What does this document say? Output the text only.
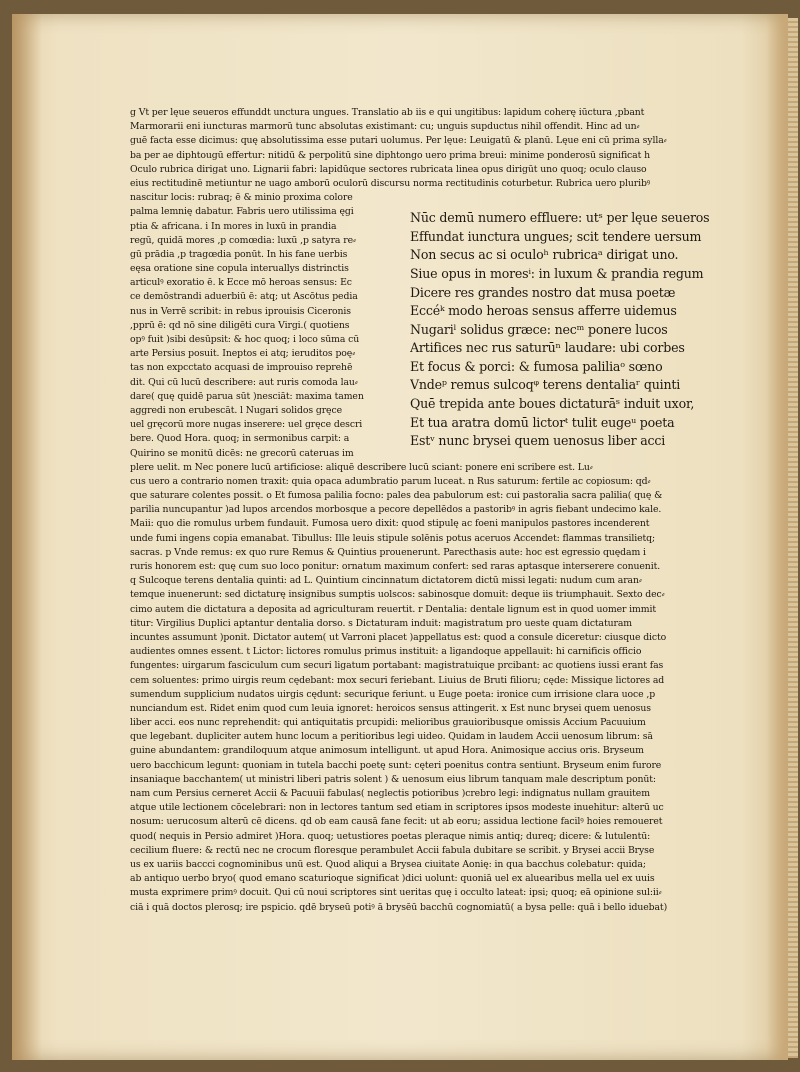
g Vt per lęue seueros effunddt unctura ungues. Translatio ab iis e qui ungitibus: lapidum coherę iūctura ,pbant
Marmorarii eni iuncturas marmorū tunc absolutas existimant: cu; unguis supductus nihil offendit. Hinc ad un⸗
guē facta esse dicimus: quę absolutissima esse putari uolumus. Per lęue: Leuigatū & planū. Lęue eni cū prima sylla⸗
ba per ae diphtougū effertur: nitidū & perpolitū sine diphtongo uero prima breui: minime ponderosū significat h
Oculo rubrica dirigat uno. Lignarii fabri: lapidūque sectores rubricata linea opus dirigūt uno quoq; oculo clauso
eius rectitudinē metiuntur ne uago amborū oculorū discursu norma rectitudinis coturbetur. Rubrica uero pluribꝰ
nascitur locis: rubraq; ē & minio proxima colore
palma lemnię dabatur. Fabris uero utilissima ęgi
ptia & africana. i In mores in luxū in prandia
regū, quidā mores ,p comœdia: luxū ,p satyra re⸗
gū prādia ,p tragœdia ponūt. In his fane uerbis
eęsa oratione sine copula interuallys distrinctis
articulꝰ exoratio ē. k Ecce mō heroas sensus: Ec
ce demōstrandi aduerbiū ē: atq; ut Ascōtus pedia
nus in Verrē scribit: in rebus iprouisis Ciceronis
,pprū ē: qd nō sine diligēti cura Virgi.( quotiens
opꝰ fuit )sibi desūpsit: & hoc quoq; i loco sūma cū
arte Persius posuit. Ineptos ei atq; ieruditos poę⸗
tas non expcctato acquasi de improuiso reprehē
dit. Qui cū lucū describere: aut ruris comoda lau⸗
dare( quę quidē parua sūt )nesciāt: maxima tamen
aggredi non erubescāt. l Nugari solidos gręce
uel gręcorū more nugas inserere: uel gręce descri
bere. Quod Hora. quoq; in sermonibus carpit: a
Quirino se monitū dicēs: ne grecorū cateruas im
Nūc demū numero effluere: utˢ per lęue seueros
Effundat iunctura ungues; scit tendere uersum
Non secus ac si oculoʰ rubricaᵃ dirigat uno.
Siue opus in moresⁱ: in luxum & prandia regum
Dicere res grandes nostro dat musa poetæ
Eccéᵏ modo heroas sensus afferre uidemus
Nugariˡ solidus græce: necᵐ ponere lucos
Artifices nec rus saturūⁿ laudare: ubi corbes
Et focus & porci: & fumosa paliliaᵒ sœno
Vndeᵖ remus sulcoqᵠ terens dentaliaʳ quinti
Quē trepida ante boues dictaturāˢ induit uxor,
Et tua aratra domū lictorᵗ tulit eugeᵘ poeta
Estᵛ nunc brysei quem uenosus liber acci
plere uelit. m Nec ponere lucū artificiose: aliquē describere lucū sciant: ponere eni scribere est. Lu⸗
cus uero a contrario nomen traxit: quia opaca adumbratio parum luceat. n Rus saturum: fertile ac copiosum: qd⸗
que saturare colentes possit. o Et fumosa palilia focno: pales dea pabulorum est: cui pastoralia sacra palilia( quę &
parilia nuncupantur )ad lupos arcendos morbosque a pecore depellēdos a pastoribꝰ in agris fiebant undecimo kale.
Maii: quo die romulus urbem fundauit. Fumosa uero dixit: quod stipulę ac foeni manipulos pastores incenderent
unde fumi ingens copia emanabat. Tibullus: Ille leuis stipule solēnis potus aceruos Accendet: flammas transilietq;
sacras. p Vnde remus: ex quo rure Remus & Quintius prouenerunt. Parecthasis aute: hoc est egressio quędam i
ruris honorem est: quę cum suo loco ponitur: ornatum maximum confert: sed raras aptasque interserere conuenit.
q Sulcoque terens dentalia quinti: ad L. Quintium cincinnatum dictatorem dictū missi legati: nudum cum aran⸗
temque inuenerunt: sed dictaturę insignibus sumptis uolscos: sabinosque domuit: deque iis triumphauit. Sexto dec⸗
cimo autem die dictatura a deposita ad agriculturam reuertit. r Dentalia: dentale lignum est in quod uomer immit
titur: Virgilius Duplici aptantur dentalia dorso. s Dictaturam induit: magistratum pro ueste quam dictaturam
incuntes assumunt )ponit. Dictator autem( ut Varroni placet )appellatus est: quod a consule diceretur: ciusque dicto
audientes omnes essent. t Lictor: lictores romulus primus instituit: a ligandoque appellauit: hi carnificis officio
fungentes: uirgarum fasciculum cum securi ligatum portabant: magistratuique prcibant: ac quotiens iussi erant fas
cem soluentes: primo uirgis reum cędebant: mox securi feriebant. Liuius de Bruti filioru; cęde: Missique lictores ad
sumendum supplicium nudatos uirgis cędunt: securique feriunt. u Euge poeta: ironice cum irrisione clara uoce ,p
nunciandum est. Ridet enim quod cum leuia ignoret: heroicos sensus attingerit. x Est nunc brysei quem uenosus
liber acci. eos nunc reprehendit: qui antiquitatis prcupidi: melioribus grauioribusque omissis Accium Pacuuium
que legebant. dupliciter autem hunc locum a peritioribus legi uideo. Quidam in laudem Accii uenosum librum: sā
guine abundantem: grandiloquum atque animosum intelligunt. ut apud Hora. Animosique accius oris. Bryseum
uero bacchicum legunt: quoniam in tutela bacchi poetę sunt: cęteri poenitus contra sentiunt. Bryseum enim furore
insaniaque bacchantem( ut ministri liberi patris solent ) & uenosum eius librum tanquam male descriptum ponūt:
nam cum Persius cerneret Accii & Pacuuii fabulas( neglectis potioribus )crebro legi: indignatus nullam grauitem
atque utile lectionem cōcelebrari: non in lectores tantum sed etiam in scriptores ipsos modeste inuehitur: alterū uc
nosum: uerucosum alterū cē dicens. qd ob eam causā fane fecit: ut ab eoru; assidua lectione facilꝰ hoies remoueret
quod( nequis in Persio admiret )Hora. quoq; uetustiores poetas pleraque nimis antiq; dureq; dicere: & lutulentū:
cecilium fluere: & rectū nec ne crocum floresque perambulet Accii fabula dubitare se scribit. y Brysei accii Bryse
us ex uariis baccci cognominibus unū est. Quod aliqui a Brysea ciuitate Aonię: in qua bacchus colebatur: quida;
ab antiquo uerbo bryo( quod emano scaturioque significat )dici uolunt: quoniā uel ex aluearibus mella uel ex uuis
musta exprimere primꝰ docuit. Qui cū noui scriptores sint ueritas quę i occulto lateat: ipsi; quoq; eā opinione sul:ii⸗
ciā i quā doctos plerosq; ire pspicio. qdē bryseū potiꝰ ā brysēū bacchū cognomiatū( a bysa pelle: quā i bello iduebat)
